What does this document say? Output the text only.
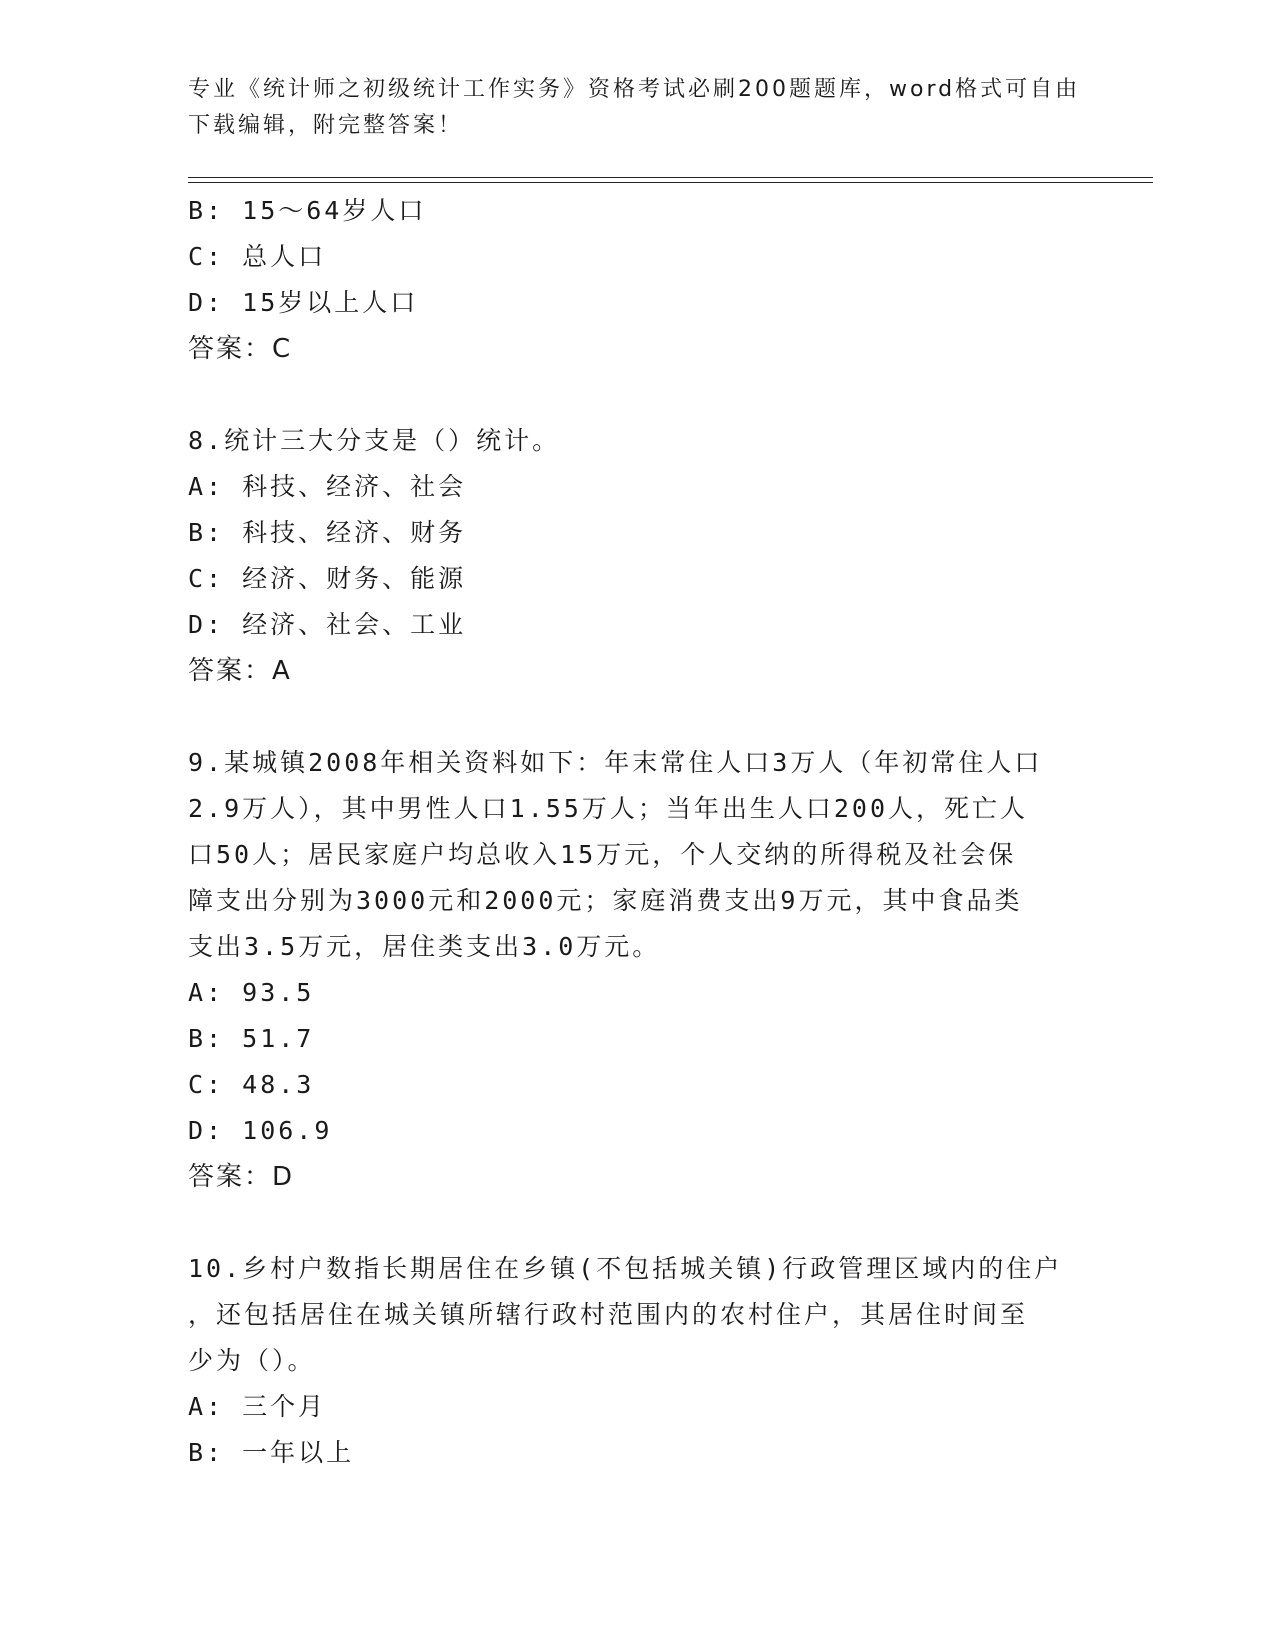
专业《统计师之初级统计工作实务》资格考试必刷200题题库，word格式可自由
下载编辑，附完整答案！
B: 15～64岁人口
C: 总人口
D: 15岁以上人口
答案：C
8.统计三大分支是（）统计。
A: 科技、经济、社会
B: 科技、经济、财务
C: 经济、财务、能源
D: 经济、社会、工业
答案：A
9.某城镇2008年相关资料如下：年末常住人口3万人（年初常住人口
2.9万人），其中男性人口1.55万人；当年出生人口200人，死亡人
口50人；居民家庭户均总收入15万元，个人交纳的所得税及社会保
障支出分别为3000元和2000元；家庭消费支出9万元，其中食品类
支出3.5万元，居住类支出3.0万元。
A: 93.5
B: 51.7
C: 48.3
D: 106.9
答案：D
10.乡村户数指长期居住在乡镇(不包括城关镇)行政管理区域内的住户
，还包括居住在城关镇所辖行政村范围内的农村住户，其居住时间至
少为（）。
A: 三个月
B: 一年以上
